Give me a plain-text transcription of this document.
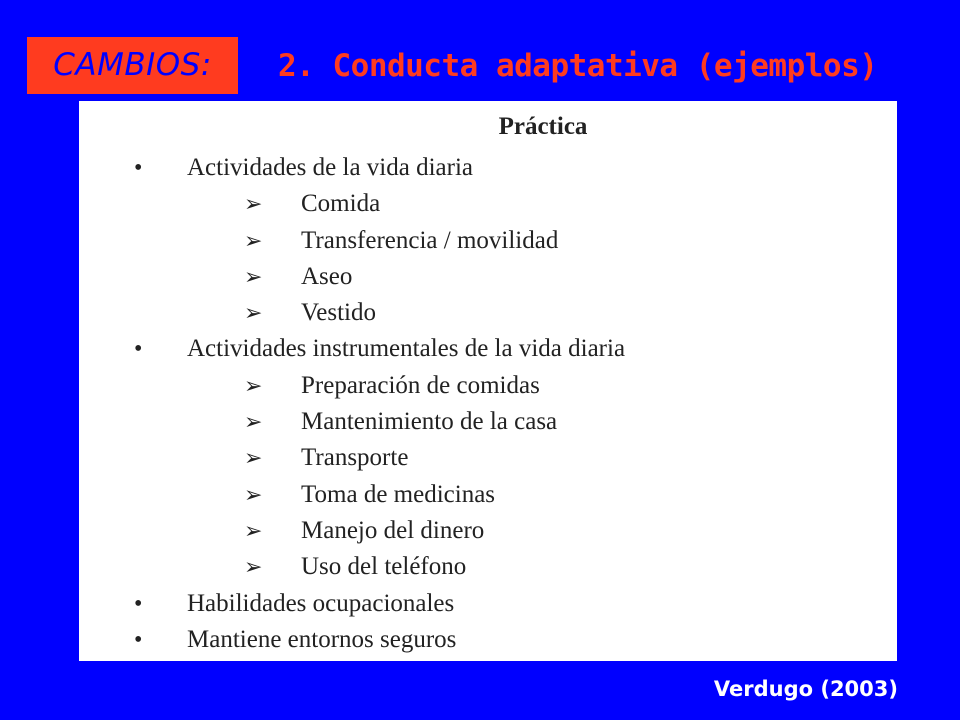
CAMBIOS:	2. Conducta adaptativa (ejemplos)
Práctica
• Actividades de la vida diaria
➢ Comida
➢ Transferencia / movilidad
➢ Aseo
➢ Vestido
• Actividades instrumentales de la vida diaria
➢ Preparación de comidas
➢ Mantenimiento de la casa
➢ Transporte
➢ Toma de medicinas
➢ Manejo del dinero
➢ Uso del teléfono
• Habilidades ocupacionales
• Mantiene entornos seguros
Verdugo (2003)
